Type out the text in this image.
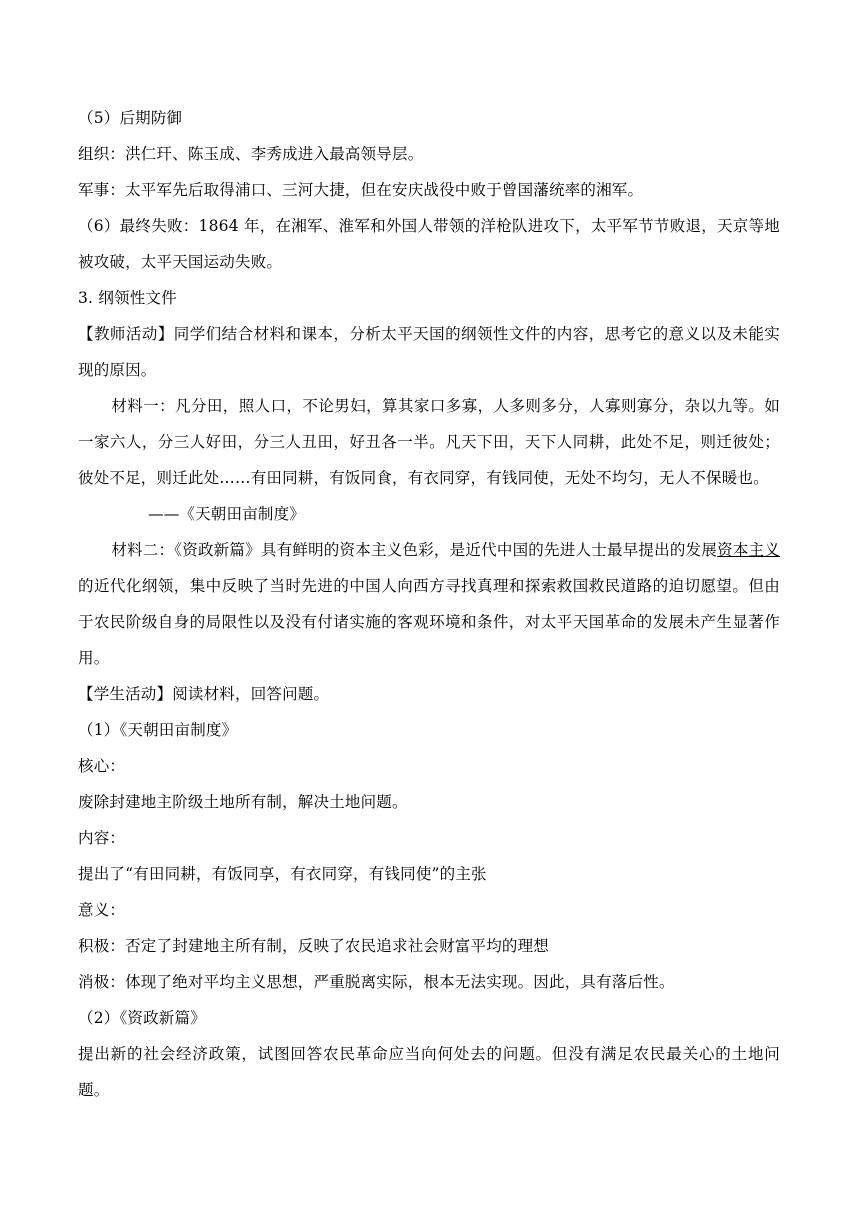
（5）后期防御
组织：洪仁玕、陈玉成、李秀成进入最高领导层。
军事：太平军先后取得浦口、三河大捷，但在安庆战役中败于曾国藩统率的湘军。
（6）最终失败：1864 年，在湘军、淮军和外国人带领的洋枪队进攻下，太平军节节败退，天京等地被攻破，太平天国运动失败。
3. 纲领性文件
【教师活动】同学们结合材料和课本，分析太平天国的纲领性文件的内容，思考它的意义以及未能实现的原因。
材料一：凡分田，照人口，不论男妇，算其家口多寡，人多则多分，人寡则寡分，杂以九等。如一家六人，分三人好田，分三人丑田，好丑各一半。凡天下田，天下人同耕，此处不足，则迁彼处；彼处不足，则迁此处……有田同耕，有饭同食，有衣同穿，有钱同使，无处不均匀，无人不保暖也。
——《天朝田亩制度》
材料二：《资政新篇》具有鲜明的资本主义色彩，是近代中国的先进人士最早提出的发展资本主义的近代化纲领，集中反映了当时先进的中国人向西方寻找真理和探索救国救民道路的迫切愿望。但由于农民阶级自身的局限性以及没有付诸实施的客观环境和条件，对太平天国革命的发展未产生显著作用。
【学生活动】阅读材料，回答问题。
（1）《天朝田亩制度》
核心：
废除封建地主阶级土地所有制，解决土地问题。
内容：
提出了“有田同耕，有饭同享，有衣同穿，有钱同使”的主张
意义：
积极：否定了封建地主所有制，反映了农民追求社会财富平均的理想
消极：体现了绝对平均主义思想，严重脱离实际，根本无法实现。因此，具有落后性。
（2）《资政新篇》
提出新的社会经济政策，试图回答农民革命应当向何处去的问题。但没有满足农民最关心的土地问题。
